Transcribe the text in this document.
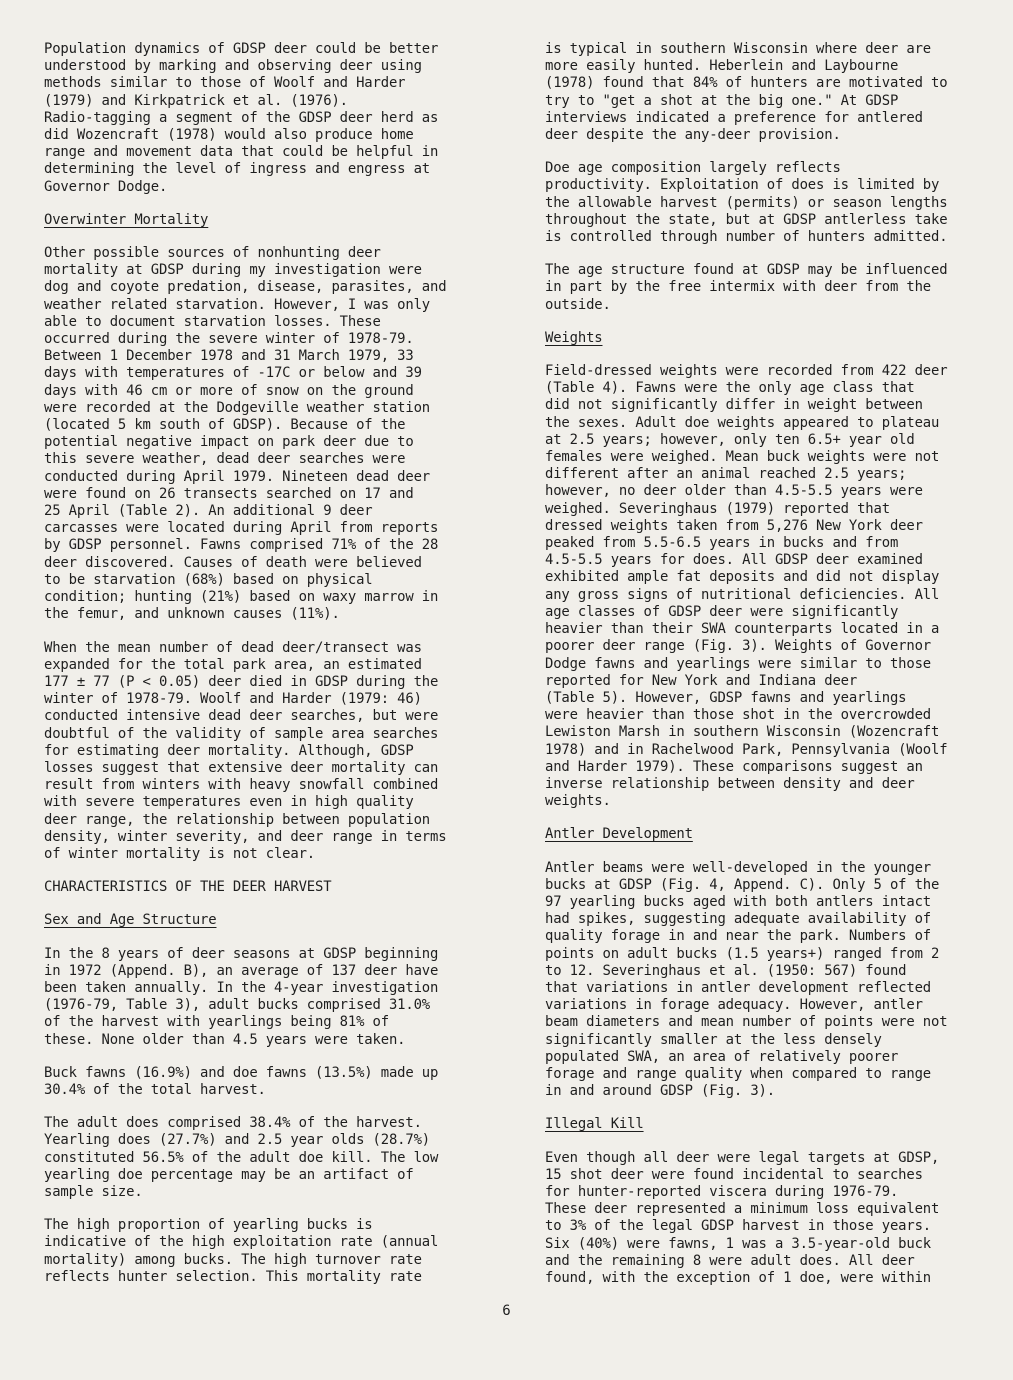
Population dynamics of GDSP deer could be better
understood by marking and observing deer using
methods similar to those of Woolf and Harder
(1979) and Kirkpatrick et al. (1976).
Radio-tagging a segment of the GDSP deer herd as
did Wozencraft (1978) would also produce home
range and movement data that could be helpful in
determining the level of ingress and engress at
Governor Dodge.

Overwinter Mortality

Other possible sources of nonhunting deer
mortality at GDSP during my investigation were
dog and coyote predation, disease, parasites, and
weather related starvation. However, I was only
able to document starvation losses. These
occurred during the severe winter of 1978-79.
Between 1 December 1978 and 31 March 1979, 33
days with temperatures of -17C or below and 39
days with 46 cm or more of snow on the ground
were recorded at the Dodgeville weather station
(located 5 km south of GDSP). Because of the
potential negative impact on park deer due to
this severe weather, dead deer searches were
conducted during April 1979. Nineteen dead deer
were found on 26 transects searched on 17 and
25 April (Table 2). An additional 9 deer
carcasses were located during April from reports
by GDSP personnel. Fawns comprised 71% of the 28
deer discovered. Causes of death were believed
to be starvation (68%) based on physical
condition; hunting (21%) based on waxy marrow in
the femur, and unknown causes (11%).

When the mean number of dead deer/transect was
expanded for the total park area, an estimated
177 ± 77 (P < 0.05) deer died in GDSP during the
winter of 1978-79. Woolf and Harder (1979: 46)
conducted intensive dead deer searches, but were
doubtful of the validity of sample area searches
for estimating deer mortality. Although, GDSP
losses suggest that extensive deer mortality can
result from winters with heavy snowfall combined
with severe temperatures even in high quality
deer range, the relationship between population
density, winter severity, and deer range in terms
of winter mortality is not clear.

CHARACTERISTICS OF THE DEER HARVEST
Sex and Age Structure

In the 8 years of deer seasons at GDSP beginning
in 1972 (Append. B), an average of 137 deer have
been taken annually. In the 4-year investigation
(1976-79, Table 3), adult bucks comprised 31.0%
of the harvest with yearlings being 81% of
these. None older than 4.5 years were taken.

Buck fawns (16.9%) and doe fawns (13.5%) made up
30.4% of the total harvest.

The adult does comprised 38.4% of the harvest.
Yearling does (27.7%) and 2.5 year olds (28.7%)
constituted 56.5% of the adult doe kill. The low
yearling doe percentage may be an artifact of
sample size.

The high proportion of yearling bucks is
indicative of the high exploitation rate (annual
mortality) among bucks. The high turnover rate
reflects hunter selection. This mortality rate

is typical in southern Wisconsin where deer are
more easily hunted. Heberlein and Laybourne
(1978) found that 84% of hunters are motivated to
try to "get a shot at the big one." At GDSP
interviews indicated a preference for antlered
deer despite the any-deer provision.

Doe age composition largely reflects
productivity. Exploitation of does is limited by
the allowable harvest (permits) or season lengths
throughout the state, but at GDSP antlerless take
is controlled through number of hunters admitted.

The age structure found at GDSP may be influenced
in part by the free intermix with deer from the
outside.

Weights

Field-dressed weights were recorded from 422 deer
(Table 4). Fawns were the only age class that
did not significantly differ in weight between
the sexes. Adult doe weights appeared to plateau
at 2.5 years; however, only ten 6.5+ year old
females were weighed. Mean buck weights were not
different after an animal reached 2.5 years;
however, no deer older than 4.5-5.5 years were
weighed. Severinghaus (1979) reported that
dressed weights taken from 5,276 New York deer
peaked from 5.5-6.5 years in bucks and from
4.5-5.5 years for does. All GDSP deer examined
exhibited ample fat deposits and did not display
any gross signs of nutritional deficiencies. All
age classes of GDSP deer were significantly
heavier than their SWA counterparts located in a
poorer deer range (Fig. 3). Weights of Governor
Dodge fawns and yearlings were similar to those
reported for New York and Indiana deer
(Table 5). However, GDSP fawns and yearlings
were heavier than those shot in the overcrowded
Lewiston Marsh in southern Wisconsin (Wozencraft
1978) and in Rachelwood Park, Pennsylvania (Woolf
and Harder 1979). These comparisons suggest an
inverse relationship between density and deer
weights.

Antler Development

Antler beams were well-developed in the younger
bucks at GDSP (Fig. 4, Append. C). Only 5 of the
97 yearling bucks aged with both antlers intact
had spikes, suggesting adequate availability of
quality forage in and near the park. Numbers of
points on adult bucks (1.5 years+) ranged from 2
to 12. Severinghaus et al. (1950: 567) found
that variations in antler development reflected
variations in forage adequacy. However, antler
beam diameters and mean number of points were not
significantly smaller at the less densely
populated SWA, an area of relatively poorer
forage and range quality when compared to range
in and around GDSP (Fig. 3).

Illegal Kill

Even though all deer were legal targets at GDSP,
15 shot deer were found incidental to searches
for hunter-reported viscera during 1976-79.
These deer represented a minimum loss equivalent
to 3% of the legal GDSP harvest in those years.
Six (40%) were fawns, 1 was a 3.5-year-old buck
and the remaining 8 were adult does. All deer
found, with the exception of 1 doe, were within

6
